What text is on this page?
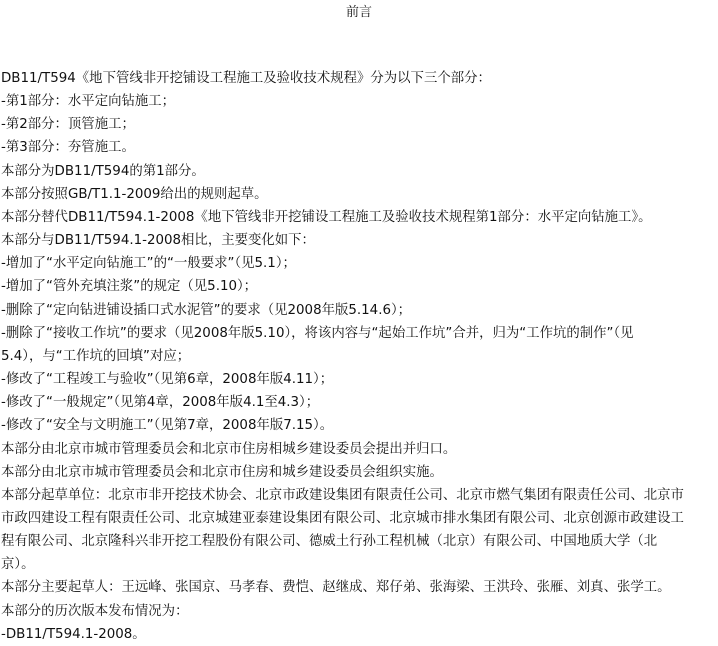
前言
DB11/T594《地下管线非开挖铺设工程施工及验收技术规程》分为以下三个部分：
-第1部分：水平定向钻施工；
-第2部分：顶管施工；
-第3部分：夯管施工。
本部分为DB11/T594的第1部分。
本部分按照GB/T1.1-2009给出的规则起草。
本部分替代DB11/T594.1-2008《地下管线非开挖铺设工程施工及验收技术规程第1部分：水平定向钻施工》。
本部分与DB11/T594.1-2008相比，主要变化如下：
-增加了“水平定向钻施工”的“一般要求”（见5.1）；
-增加了“管外充填注浆”的规定（见5.10）；
-删除了“定向钻进铺设插口式水泥管”的要求（见2008年版5.14.6）；
-删除了“接收工作坑”的要求（见2008年版5.10），将该内容与“起始工作坑”合并，归为“工作坑的制作”（见
5.4），与“工作坑的回填”对应；
-修改了“工程竣工与验收”（见第6章，2008年版4.11）；
-修改了“一般规定”（见第4章，2008年版4.1至4.3）；
-修改了“安全与文明施工”（见第7章，2008年版7.15）。
本部分由北京市城市管理委员会和北京市住房相城乡建设委员会提出并归口。
本部分由北京市城市管理委员会和北京市住房和城乡建设委员会组织实施。
本部分起草单位：北京市非开挖技术协会、北京市政建设集团有限责任公司、北京市燃气集团有限责任公司、北京市
市政四建设工程有限责任公司、北京城建亚泰建设集团有限公司、北京城市排水集团有限公司、北京创源市政建设工
程有限公司、北京隆科兴非开挖工程股份有限公司、德威土行孙工程机械（北京）有限公司、中国地质大学（北
京）。
本部分主要起草人：王远峰、张国京、马孝春、费恺、赵继成、郑仔弟、张海梁、王洪玲、张雁、刘真、张学工。
本部分的历次版本发布情况为：
-DB11/T594.1-2008。
